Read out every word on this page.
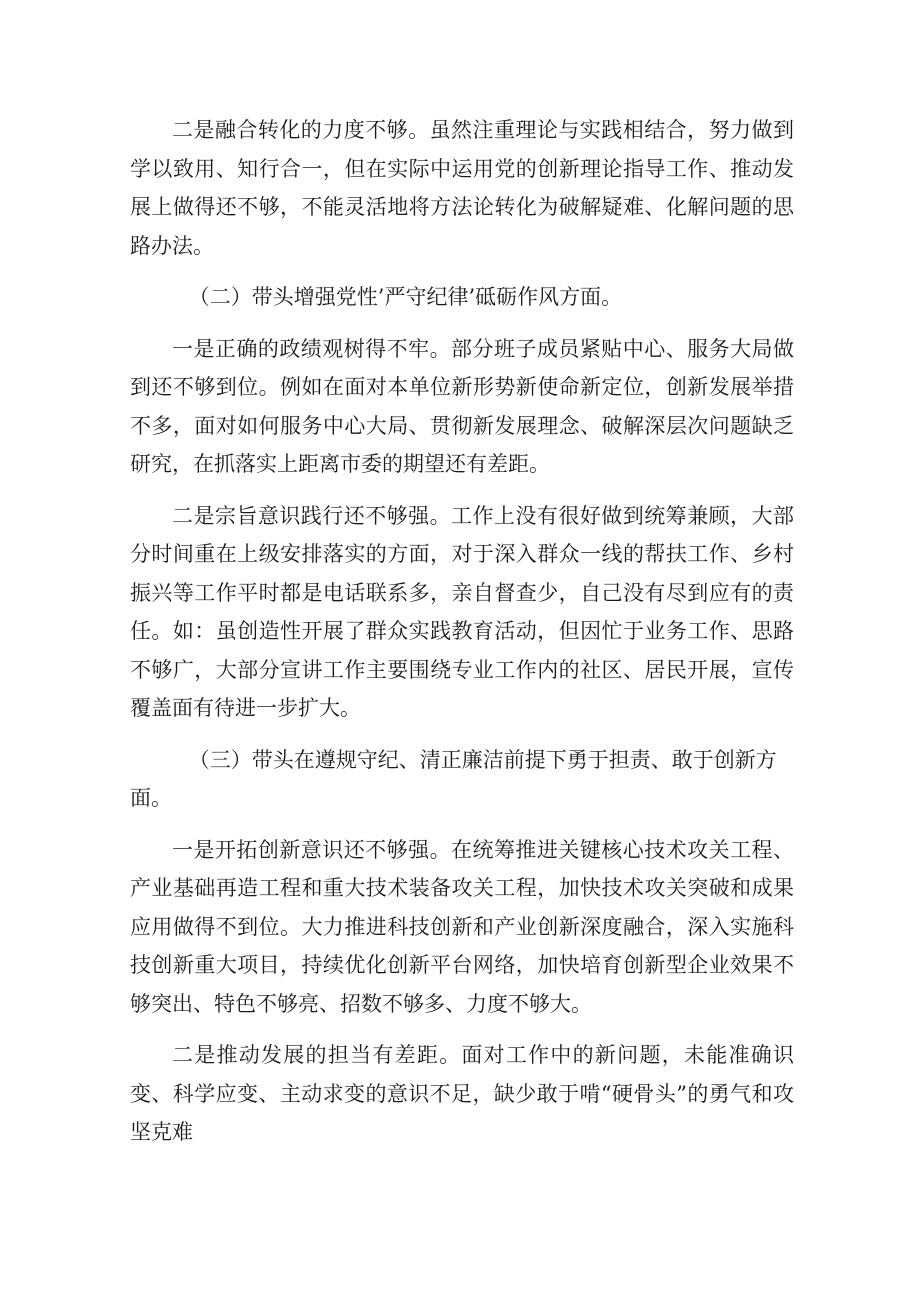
二是融合转化的力度不够。虽然注重理论与实践相结合，努力做到学以致用、知行合一，但在实际中运用党的创新理论指导工作、推动发展上做得还不够，不能灵活地将方法论转化为破解疑难、化解问题的思路办法。

（二）带头增强党性’严守纪律’砥砺作风方面。

一是正确的政绩观树得不牢。部分班子成员紧贴中心、服务大局做到还不够到位。例如在面对本单位新形势新使命新定位，创新发展举措不多，面对如何服务中心大局、贯彻新发展理念、破解深层次问题缺乏研究，在抓落实上距离市委的期望还有差距。

二是宗旨意识践行还不够强。工作上没有很好做到统筹兼顾，大部分时间重在上级安排落实的方面，对于深入群众一线的帮扶工作、乡村振兴等工作平时都是电话联系多，亲自督查少，自己没有尽到应有的责任。如：虽创造性开展了群众实践教育活动，但因忙于业务工作、思路不够广，大部分宣讲工作主要围绕专业工作内的社区、居民开展，宣传覆盖面有待进一步扩大。

（三）带头在遵规守纪、清正廉洁前提下勇于担责、敢于创新方面。

一是开拓创新意识还不够强。在统筹推进关键核心技术攻关工程、产业基础再造工程和重大技术装备攻关工程，加快技术攻关突破和成果应用做得不到位。大力推进科技创新和产业创新深度融合，深入实施科技创新重大项目，持续优化创新平台网络，加快培育创新型企业效果不够突出、特色不够亮、招数不够多、力度不够大。

二是推动发展的担当有差距。面对工作中的新问题，未能准确识变、科学应变、主动求变的意识不足，缺少敢于啃“硬骨头”的勇气和攻坚克难
